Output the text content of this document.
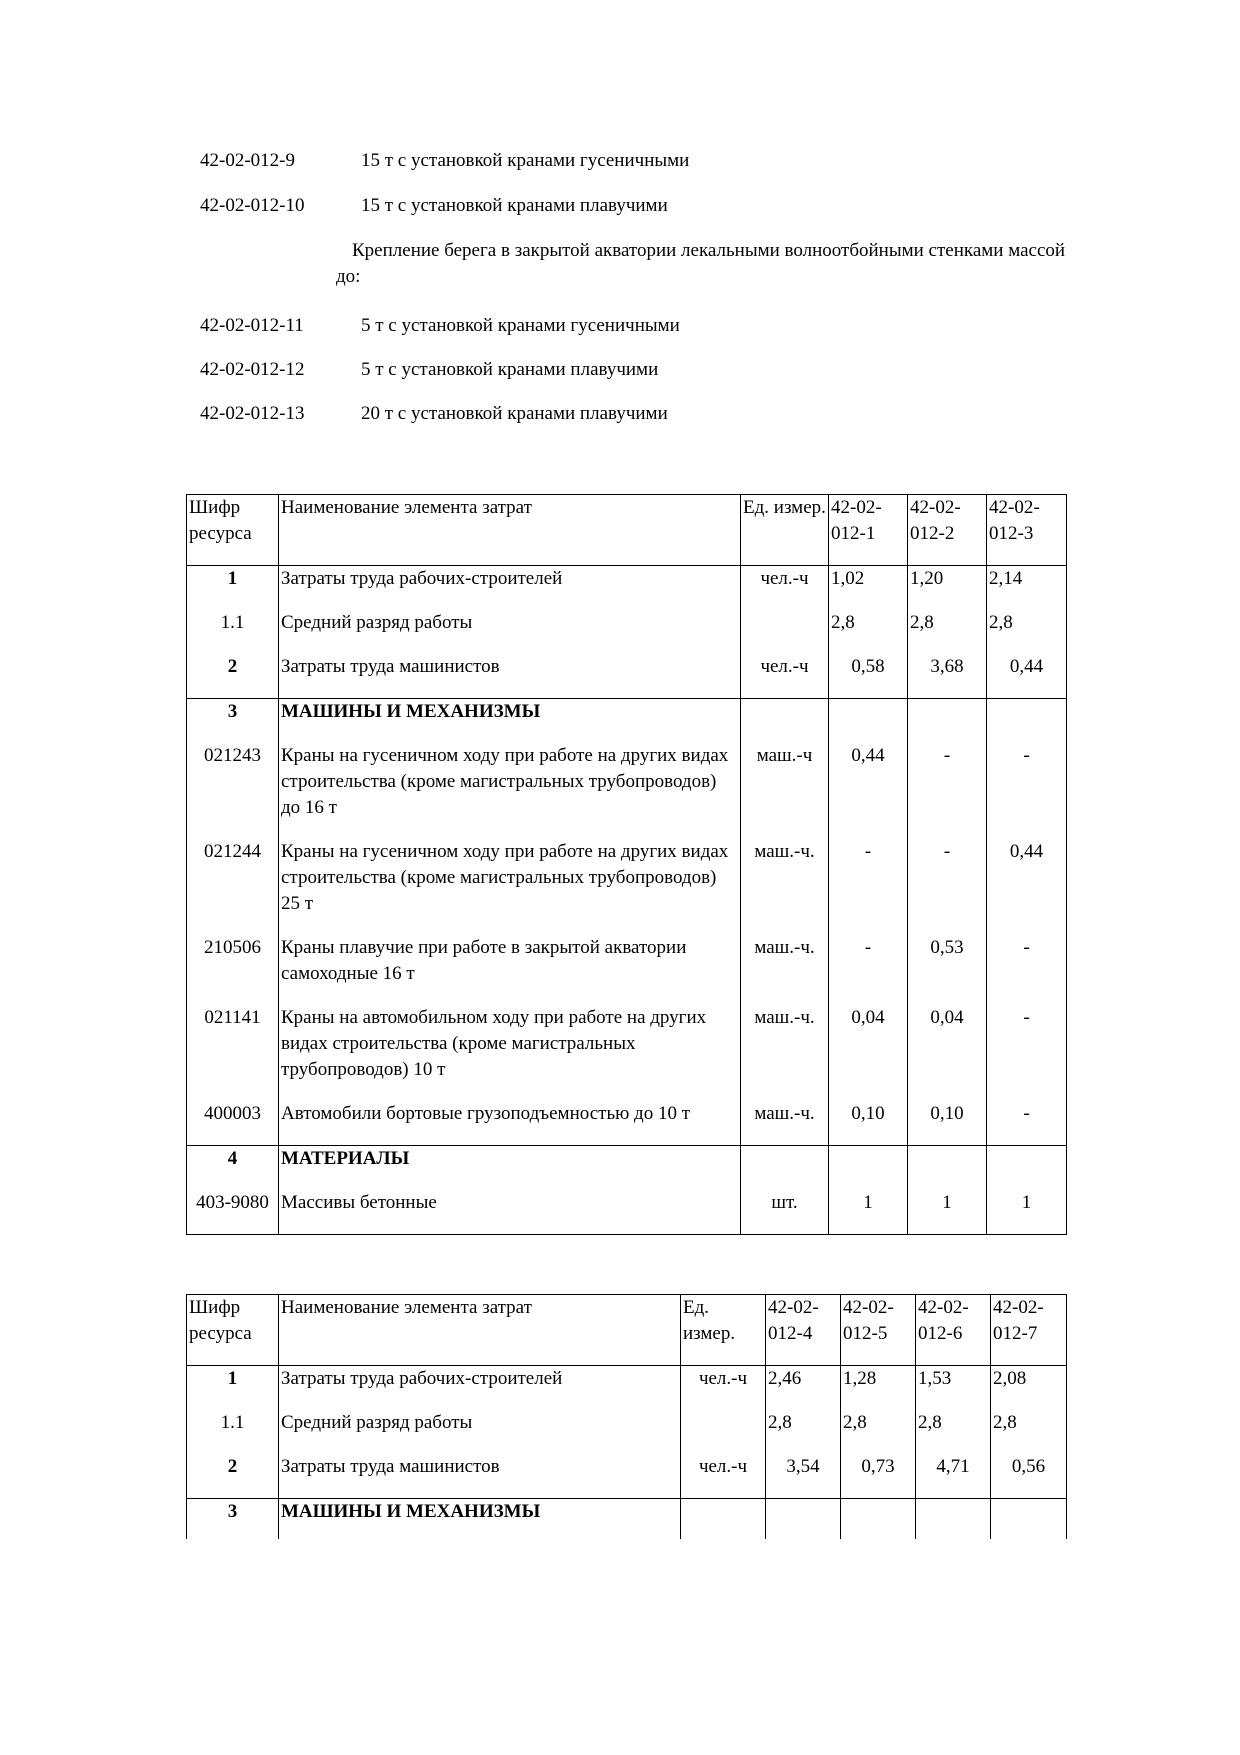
42-02-012-9	15 т с установкой кранами гусеничными
42-02-012-10	15 т с установкой кранами плавучими
Крепление берега в закрытой акватории лекальными волноотбойными стенками массой до:
42-02-012-11	5 т с установкой кранами гусеничными
42-02-012-12	5 т с установкой кранами плавучими
42-02-012-13	20 т с установкой кранами плавучими
Шифр ресурса	Наименование элемента затрат	Ед. измер.	42-02-012-1	42-02-012-2	42-02-012-3
1	Затраты труда рабочих-строителей	чел.-ч	1,02	1,20	2,14
1.1	Средний разряд работы		2,8	2,8	2,8
2	Затраты труда машинистов	чел.-ч	0,58	3,68	0,44
3	МАШИНЫ И МЕХАНИЗМЫ				
021243	Краны на гусеничном ходу при работе на других видах строительства (кроме магистральных трубопроводов) до 16 т	маш.-ч	0,44	-	-
021244	Краны на гусеничном ходу при работе на других видах строительства (кроме магистральных трубопроводов) 25 т	маш.-ч.	-	-	0,44
210506	Краны плавучие при работе в закрытой акватории самоходные 16 т	маш.-ч.	-	0,53	-
021141	Краны на автомобильном ходу при работе на других видах строительства (кроме магистральных трубопроводов) 10 т	маш.-ч.	0,04	0,04	-
400003	Автомобили бортовые грузоподъемностью до 10 т	маш.-ч.	0,10	0,10	-
4	МАТЕРИАЛЫ				
403-9080	Массивы бетонные	шт.	1	1	1
Шифр ресурса	Наименование элемента затрат	Ед. измер.	42-02-012-4	42-02-012-5	42-02-012-6	42-02-012-7
1	Затраты труда рабочих-строителей	чел.-ч	2,46	1,28	1,53	2,08
1.1	Средний разряд работы		2,8	2,8	2,8	2,8
2	Затраты труда машинистов	чел.-ч	3,54	0,73	4,71	0,56
3	МАШИНЫ И МЕХАНИЗМЫ					
